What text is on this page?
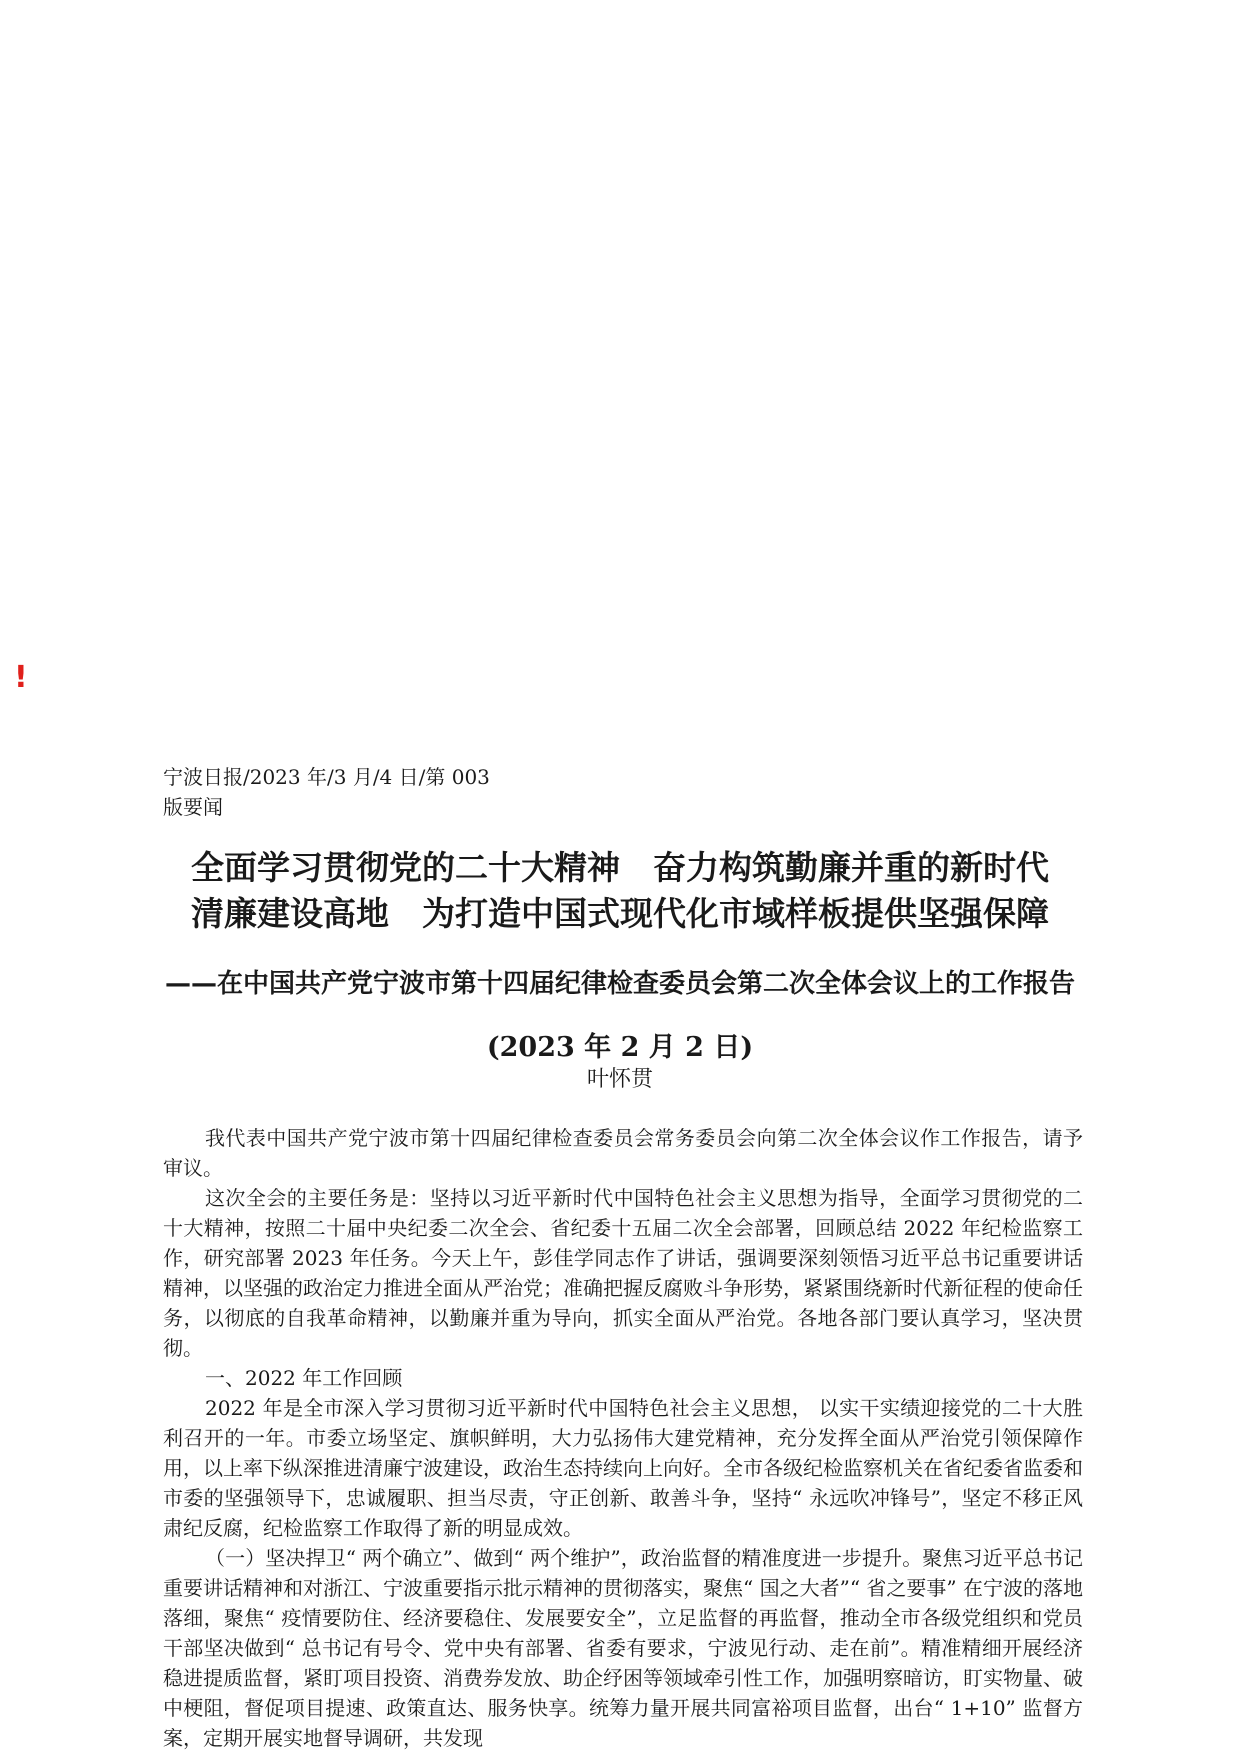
!
宁波日报/2023 年/3 月/4 日/第 003
版要闻
全面学习贯彻党的二十大精神　奋力构筑勤廉并重的新时代
清廉建设高地　为打造中国式现代化市域样板提供坚强保障
——在中国共产党宁波市第十四届纪律检查委员会第二次全体会议上的工作报告
(2023 年 2 月 2 日)
叶怀贯

我代表中国共产党宁波市第十四届纪律检查委员会常务委员会向第二次全体会议作工作报告，请予审议。

这次全会的主要任务是：坚持以习近平新时代中国特色社会主义思想为指导，全面学习贯彻党的二十大精神，按照二十届中央纪委二次全会、省纪委十五届二次全会部署，回顾总结 2022 年纪检监察工作，研究部署 2023 年任务。今天上午，彭佳学同志作了讲话，强调要深刻领悟习近平总书记重要讲话精神，以坚强的政治定力推进全面从严治党；准确把握反腐败斗争形势，紧紧围绕新时代新征程的使命任务，以彻底的自我革命精神，以勤廉并重为导向，抓实全面从严治党。各地各部门要认真学习，坚决贯彻。

一、2022 年工作回顾

2022 年是全市深入学习贯彻习近平新时代中国特色社会主义思想， 以实干实绩迎接党的二十大胜利召开的一年。市委立场坚定、旗帜鲜明，大力弘扬伟大建党精神，充分发挥全面从严治党引领保障作用，以上率下纵深推进清廉宁波建设，政治生态持续向上向好。全市各级纪检监察机关在省纪委省监委和市委的坚强领导下，忠诚履职、担当尽责，守正创新、敢善斗争，坚持“ 永远吹冲锋号”，坚定不移正风肃纪反腐，纪检监察工作取得了新的明显成效。

（一）坚决捍卫“ 两个确立”、做到“ 两个维护”，政治监督的精准度进一步提升。聚焦习近平总书记重要讲话精神和对浙江、宁波重要指示批示精神的贯彻落实，聚焦“ 国之大者”“ 省之要事” 在宁波的落地落细，聚焦“ 疫情要防住、经济要稳住、发展要安全”，立足监督的再监督，推动全市各级党组织和党员干部坚决做到“ 总书记有号令、党中央有部署、省委有要求，宁波见行动、走在前”。精准精细开展经济稳进提质监督，紧盯项目投资、消费券发放、助企纾困等领域牵引性工作，加强明察暗访，盯实物量、破中梗阻，督促项目提速、政策直达、服务快享。统筹力量开展共同富裕项目监督，出台“ 1+10” 监督方案，定期开展实地督导调研，共发现
